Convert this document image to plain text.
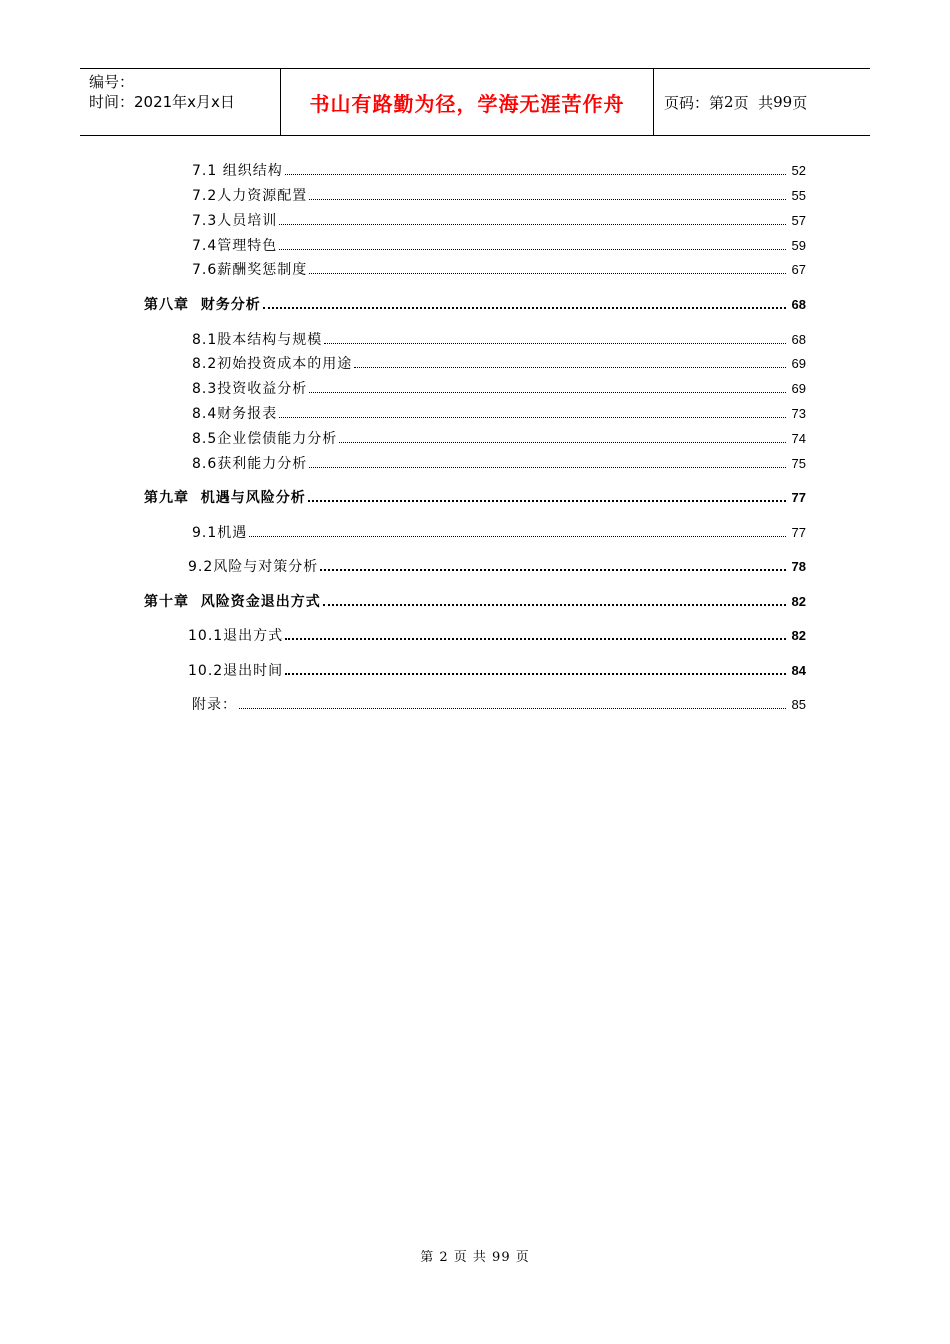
编号：
时间：2021年x月x日	书山有路勤为径，学海无涯苦作舟	页码：第 2 页  共 99 页
7.1 组织结构	52
7.2人力资源配置	55
7.3人员培训	57
7.4管理特色	59
7.6薪酬奖惩制度	67
第八章  财务分析	68
8.1股本结构与规模	68
8.2初始投资成本的用途	69
8.3投资收益分析	69
8.4财务报表	73
8.5企业偿债能力分析	74
8.6获利能力分析	75
第九章  机遇与风险分析	77
9.1机遇	77
9.2风险与对策分析	78
第十章  风险资金退出方式	82
10.1退出方式	82
10.2退出时间	84
附录：	85
第 2 页 共 99 页
